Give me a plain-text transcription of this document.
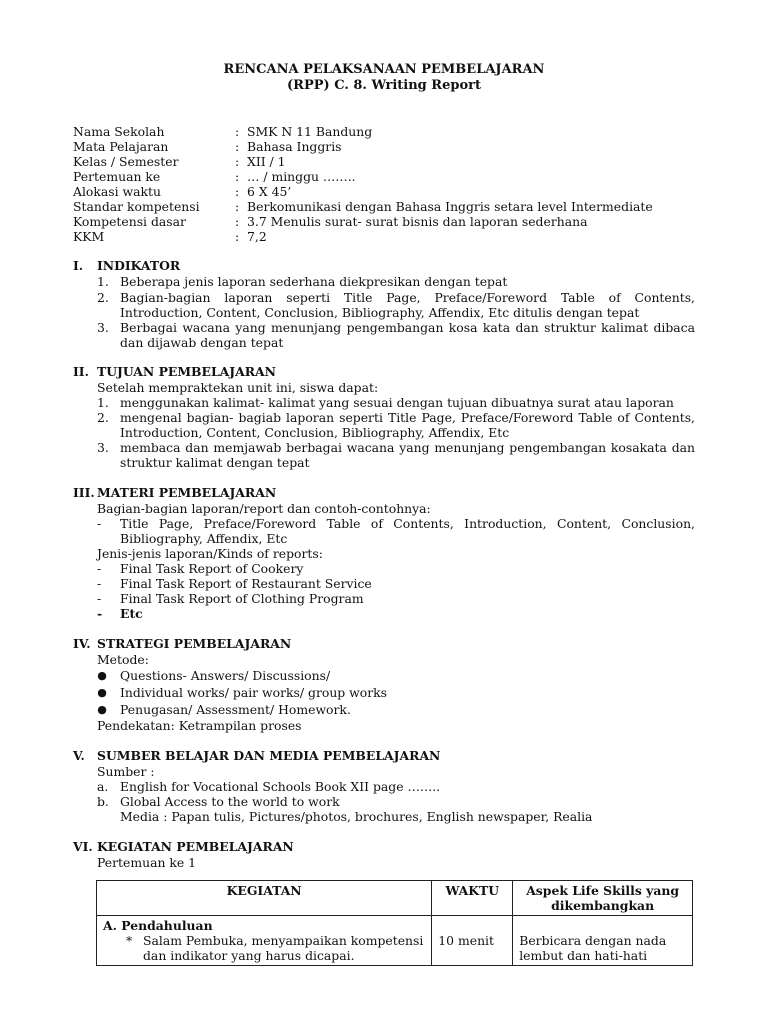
RENCANA PELAKSANAAN PEMBELAJARAN
(RPP) C. 8. Writing Report
Nama Sekolah	: SMK N 11 Bandung
Mata Pelajaran	: Bahasa Inggris
Kelas / Semester	: XII / 1
Pertemuan ke	: … / minggu ……..
Alokasi waktu	: 6 X 45’
Standar kompetensi	: Berkomunikasi dengan Bahasa Inggris setara level Intermediate
Kompetensi dasar	: 3.7 Menulis surat- surat bisnis dan laporan sederhana
KKM	: 7,2
I. INDIKATOR
1. Beberapa jenis laporan sederhana diekpresikan dengan tepat
2. Bagian-bagian laporan seperti Title Page, Preface/Foreword Table of Contents, Introduction, Content, Conclusion, Bibliography, Affendix, Etc ditulis dengan tepat
3. Berbagai wacana yang menunjang pengembangan kosa kata dan struktur kalimat dibaca dan dijawab dengan tepat
II. TUJUAN PEMBELAJARAN
Setelah mempraktekan unit ini, siswa dapat:
1. menggunakan kalimat- kalimat yang sesuai dengan tujuan dibuatnya surat atau laporan
2. mengenal bagian- bagiab laporan seperti Title Page, Preface/Foreword Table of Contents, Introduction, Content, Conclusion, Bibliography, Affendix, Etc
3. membaca dan memjawab berbagai wacana yang menunjang pengembangan kosakata dan struktur kalimat dengan tepat
III. MATERI PEMBELAJARAN
Bagian-bagian laporan/report dan contoh-contohnya:
- Title Page, Preface/Foreword Table of Contents, Introduction, Content, Conclusion, Bibliography, Affendix, Etc
Jenis-jenis laporan/Kinds of reports:
- Final Task Report of Cookery
- Final Task Report of Restaurant Service
- Final Task Report of Clothing Program
- Etc
IV. STRATEGI PEMBELAJARAN
Metode:
● Questions- Answers/ Discussions/
● Individual works/ pair works/ group works
● Penugasan/ Assessment/ Homework.
Pendekatan: Ketrampilan proses
V. SUMBER BELAJAR DAN MEDIA PEMBELAJARAN
Sumber :
a. English for Vocational Schools Book XII page ……..
b. Global Access to the world to work
Media : Papan tulis, Pictures/photos, brochures, English newspaper, Realia
VI. KEGIATAN PEMBELAJARAN
Pertemuan ke 1
KEGIATAN	WAKTU	Aspek Life Skills yang dikembangkan

A. Pendahuluan
* Salam Pembuka, menyampaikan kompetensi dan indikator yang harus dicapai.	10 menit	Berbicara dengan nada lembut dan hati-hati
